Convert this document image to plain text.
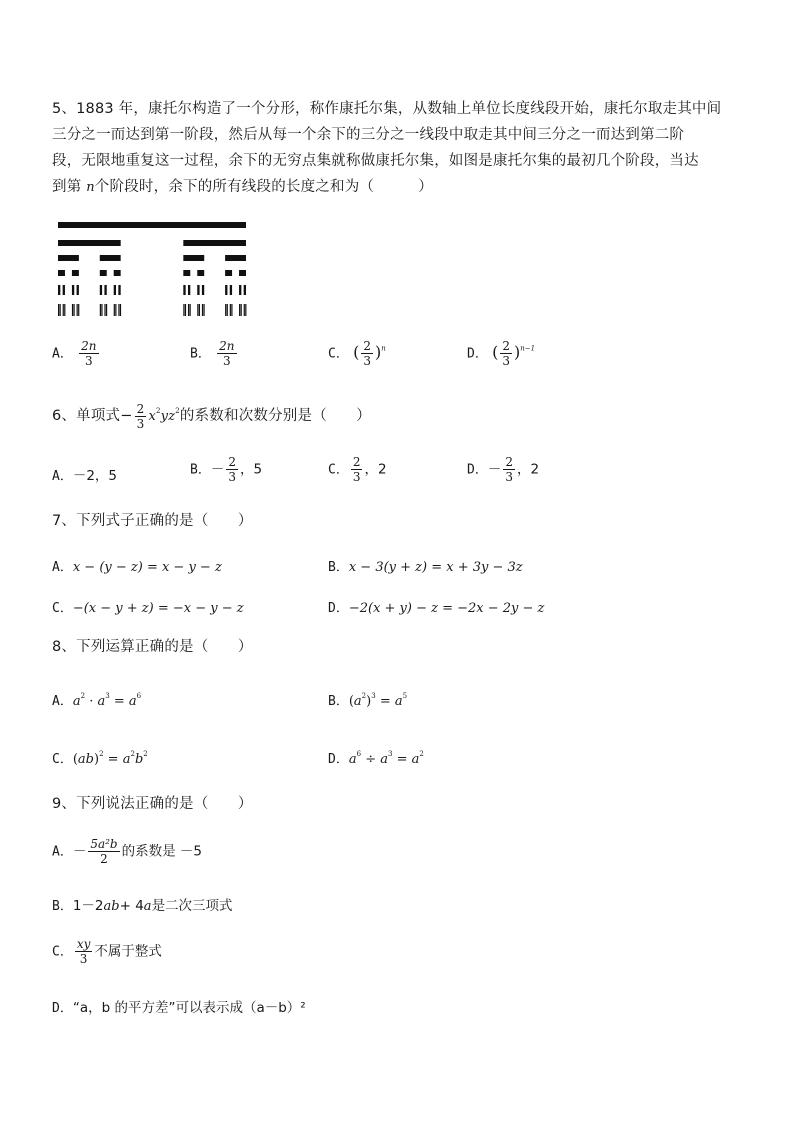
5、1883 年，康托尔构造了一个分形，称作康托尔集，从数轴上单位长度线段开始，康托尔取走其中间
三分之一而达到第一阶段，然后从每一个余下的三分之一线段中取走其中间三分之一而达到第二阶
段，无限地重复这一过程，余下的无穷点集就称做康托尔集，如图是康托尔集的最初几个阶段，当达
到第 n个阶段时，余下的所有线段的长度之和为（　　　）
A． $\frac{2n}{3}$	B． $\frac{2n}{3}$	C． ( $\frac{2}{3} )^n$	D． ( $\frac{2}{3} )^{n-1}$
6、单项式− $\frac{2}{3} x^2yz^2$的系数和次数分别是（　　）
A．－2，5	B．－ $\frac{2}{3}$ ，5	C． $\frac{2}{3}$ ，2	D．－ $\frac{2}{3}$ ，2
7、下列式子正确的是（　　）
A．x − (y − z) = x − y − z	B．x − 3(y + z) = x + 3y − 3z
C．−(x − y + z) = −x − y − z	D．−2(x + y) − z = −2x − 2y − z
8、下列运算正确的是（　　）
A．$a^2 \cdot a^3 = a^6$	B．$(a^2)^3 = a^5$
C．$(ab)^2 = a^2b^2$	D．$a^6 \div a^3 = a^2$
9、下列说法正确的是（　　）
A．－ $\frac{\text{5a²b}}{2}$ 的系数是 －5
B．1－2ab+ 4a是二次三项式
C． $\frac{xy}{3}$ 不属于整式
D．“a，b 的平方差”可以表示成（a－b）²
